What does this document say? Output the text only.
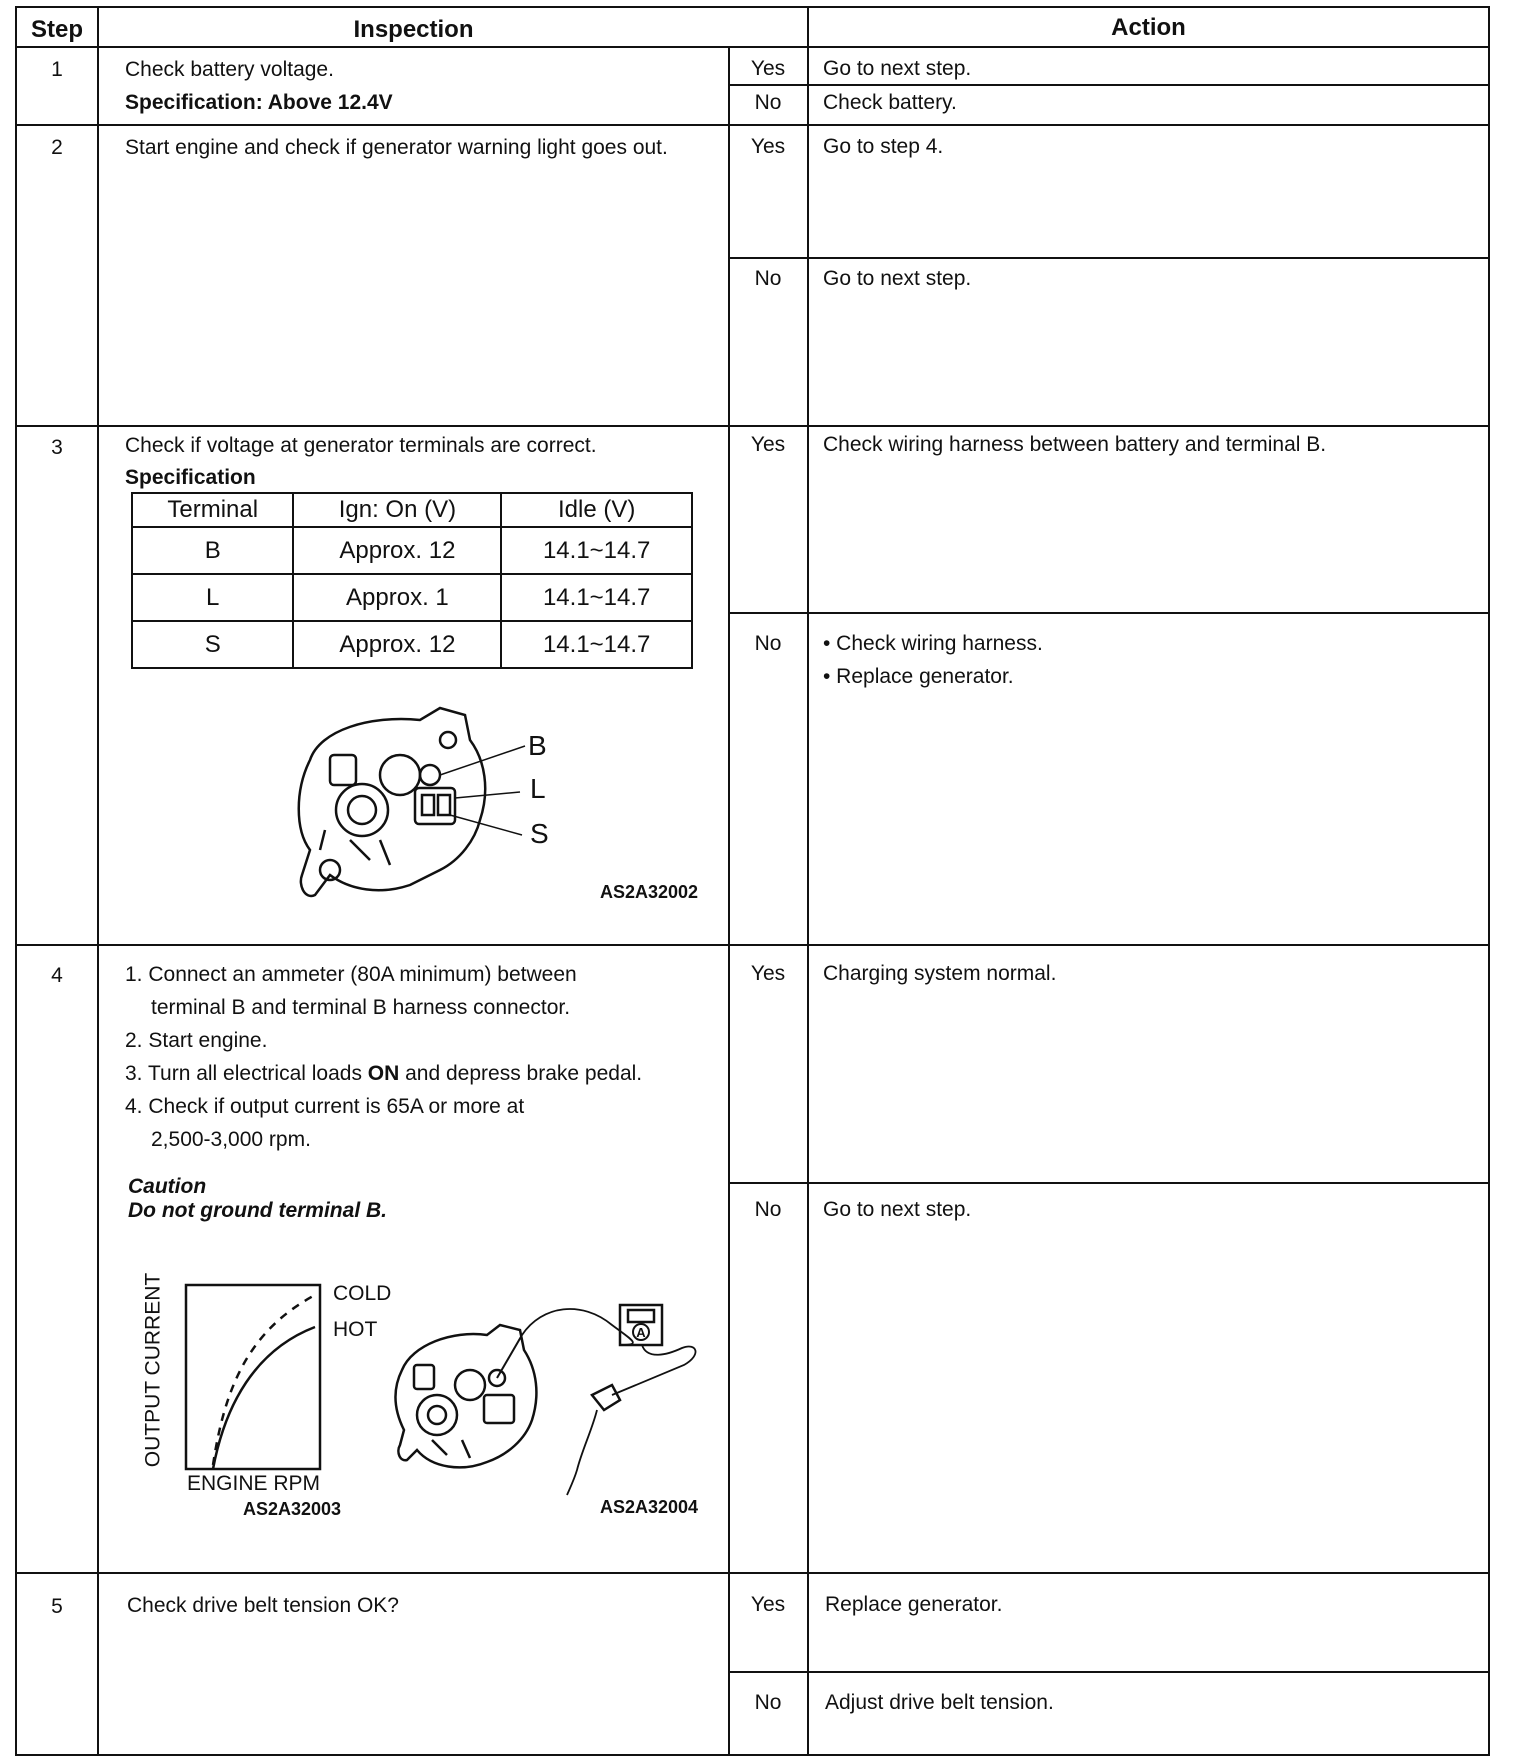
Step	Inspection	Action
1	Check battery voltage.
Specification: Above 12.4V
Yes	Go to next step.
No	Check battery.
2	Start engine and check if generator warning light goes out.	Yes	Go to step 4.
No	Go to next step.
3	Check if voltage at generator terminals are correct.
Specification
Terminal	Ign: On (V)	Idle (V)
B	Approx. 12	14.1~14.7
L	Approx. 1	14.1~14.7
S	Approx. 12	14.1~14.7
B
L
S
AS2A32002
Yes	Check wiring harness between battery and terminal B.
No	• Check wiring harness.
• Replace generator.
4	1. Connect an ammeter (80A minimum) between
terminal B and terminal B harness connector.
2. Start engine.
3. Turn all electrical loads ON and depress brake pedal.
4. Check if output current is 65A or more at
2,500-3,000 rpm.
Caution
Do not ground terminal B.
OUTPUT CURRENT	COLD
HOT
ENGINE RPM
AS2A32003
A
AS2A32004
Yes	Charging system normal.
No	Go to next step.
5	Check drive belt tension OK?	Yes	Replace generator.
No	Adjust drive belt tension.
